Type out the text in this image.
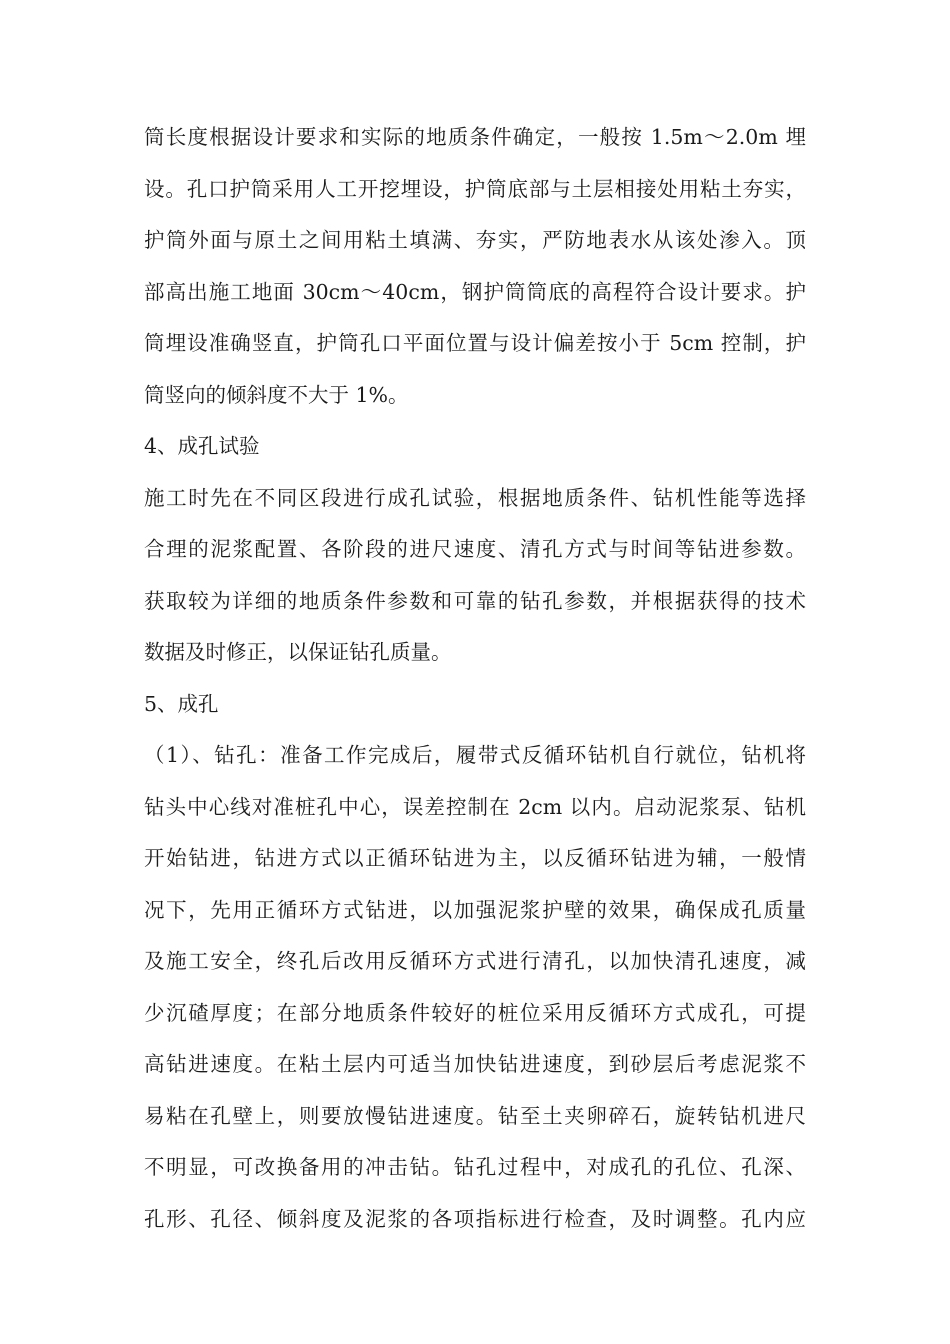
筒长度根据设计要求和实际的地质条件确定，一般按 1.5m～2.0m 埋
设。孔口护筒采用人工开挖埋设，护筒底部与土层相接处用粘土夯实，
护筒外面与原土之间用粘土填满、夯实，严防地表水从该处渗入。顶
部高出施工地面 30cm～40cm，钢护筒筒底的高程符合设计要求。护
筒埋设准确竖直，护筒孔口平面位置与设计偏差按小于 5cm 控制，护
筒竖向的倾斜度不大于 1%。
4、成孔试验
施工时先在不同区段进行成孔试验，根据地质条件、钻机性能等选择
合理的泥浆配置、各阶段的进尺速度、清孔方式与时间等钻进参数。
获取较为详细的地质条件参数和可靠的钻孔参数，并根据获得的技术
数据及时修正，以保证钻孔质量。
5、成孔
（1）、钻孔：准备工作完成后，履带式反循环钻机自行就位，钻机将
钻头中心线对准桩孔中心，误差控制在 2cm 以内。启动泥浆泵、钻机
开始钻进，钻进方式以正循环钻进为主，以反循环钻进为辅，一般情
况下，先用正循环方式钻进，以加强泥浆护壁的效果，确保成孔质量
及施工安全，终孔后改用反循环方式进行清孔，以加快清孔速度，减
少沉碴厚度；在部分地质条件较好的桩位采用反循环方式成孔，可提
高钻进速度。在粘土层内可适当加快钻进速度，到砂层后考虑泥浆不
易粘在孔壁上，则要放慢钻进速度。钻至土夹卵碎石，旋转钻机进尺
不明显，可改换备用的冲击钻。钻孔过程中，对成孔的孔位、孔深、
孔形、孔径、倾斜度及泥浆的各项指标进行检查，及时调整。孔内应
